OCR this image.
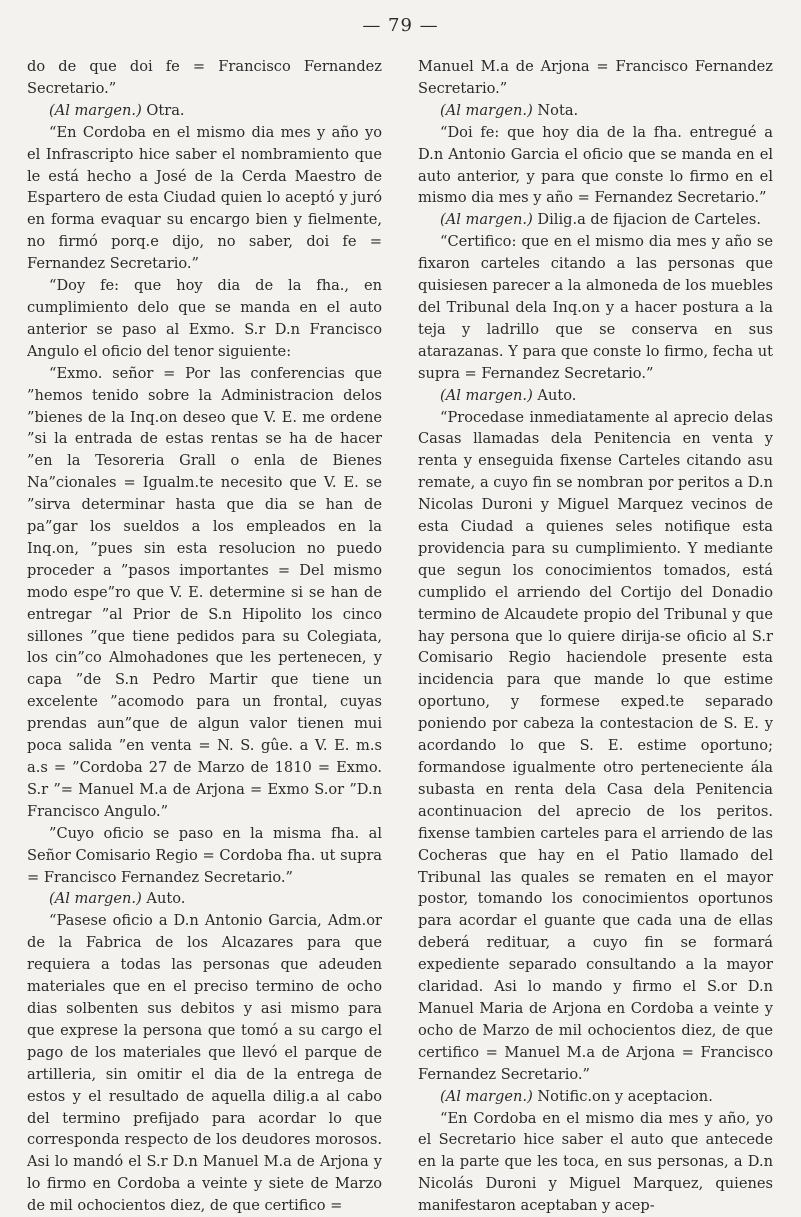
— 79 —

do de que doi fe = Francisco Fernandez Secretario.”

(Al margen.) Otra.

“En Cordoba en el mismo dia mes y año yo el Infrascripto hice saber el nombramiento que le está hecho a José de la Cerda Maestro de Espartero de esta Ciudad quien lo aceptó y juró en forma evaquar su encargo bien y fielmente, no firmó porq.e dijo, no saber, doi fe = Fernandez Secretario.”

“Doy fe: que hoy dia de la fha., en cumplimiento delo que se manda en el auto anterior se paso al Exmo. S.r D.n Francisco Angulo el oficio del tenor siguiente:

“Exmo. señor = Por las conferencias que ”hemos tenido sobre la Administracion delos ”bienes de la Inq.on deseo que V. E. me ordene ”si la entrada de estas rentas se ha de hacer ”en la Tesoreria Grall o enla de Bienes Na”cionales = Igualm.te necesito que V. E. se ”sirva determinar hasta que dia se han de pa”gar los sueldos a los empleados en la Inq.on, ”pues sin esta resolucion no puedo proceder a ”pasos importantes = Del mismo modo espe”ro que V. E. determine si se han de entregar ”al Prior de S.n Hipolito los cinco sillones ”que tiene pedidos para su Colegiata, los cin”co Almohadones que les pertenecen, y capa ”de S.n Pedro Martir que tiene un excelente ”acomodo para un frontal, cuyas prendas aun”que de algun valor tienen mui poca salida ”en venta = N. S. gûe. a V. E. m.s a.s = ”Cordoba 27 de Marzo de 1810 = Exmo. S.r ”= Manuel M.a de Arjona = Exmo S.or ”D.n Francisco Angulo.”

”Cuyo oficio se paso en la misma fha. al Señor Comisario Regio = Cordoba fha. ut supra = Francisco Fernandez Secretario.”

(Al margen.) Auto.

“Pasese oficio a D.n Antonio Garcia, Adm.or de la Fabrica de los Alcazares para que requiera a todas las personas que adeuden materiales que en el preciso termino de ocho dias solbenten sus debitos y asi mismo para que exprese la persona que tomó a su cargo el pago de los materiales que llevó el parque de artilleria, sin omitir el dia de la entrega de estos y el resultado de aquella dilig.a al cabo del termino prefijado para acordar lo que corresponda respecto de los deudores morosos. Asi lo mandó el S.r D.n Manuel M.a de Arjona y lo firmo en Cordoba a veinte y siete de Marzo de mil ochocientos diez, de que certifico =

Manuel M.a de Arjona = Francisco Fernandez Secretario.”

(Al margen.) Nota.

“Doi fe: que hoy dia de la fha. entregué a D.n Antonio Garcia el oficio que se manda en el auto anterior, y para que conste lo firmo en el mismo dia mes y año = Fernandez Secretario.”

(Al margen.) Dilig.a de fijacion de Carteles.

“Certifico: que en el mismo dia mes y año se fixaron carteles citando a las personas que quisiesen parecer a la almoneda de los muebles del Tribunal dela Inq.on y a hacer postura a la teja y ladrillo que se conserva en sus atarazanas. Y para que conste lo firmo, fecha ut supra = Fernandez Secretario.”

(Al margen.) Auto.

“Procedase inmediatamente al aprecio delas Casas llamadas dela Penitencia en venta y renta y enseguida fixense Carteles citando asu remate, a cuyo fin se nombran por peritos a D.n Nicolas Duroni y Miguel Marquez vecinos de esta Ciudad a quienes seles notifique esta providencia para su cumplimiento. Y mediante que segun los conocimientos tomados, está cumplido el arriendo del Cortijo del Donadio termino de Alcaudete propio del Tribunal y que hay persona que lo quiere dirija-se oficio al S.r Comisario Regio haciendole presente esta incidencia para que mande lo que estime oportuno, y formese exped.te separado poniendo por cabeza la contestacion de S. E. y acordando lo que S. E. estime oportuno; formandose igualmente otro perteneciente ála subasta en renta dela Casa dela Penitencia acontinuacion del aprecio de los peritos. fixense tambien carteles para el arriendo de las Cocheras que hay en el Patio llamado del Tribunal las quales se rematen en el mayor postor, tomando los conocimientos oportunos para acordar el guante que cada una de ellas deberá redituar, a cuyo fin se formará expediente separado consultando a la mayor claridad. Asi lo mando y firmo el S.or D.n Manuel Maria de Arjona en Cordoba a veinte y ocho de Marzo de mil ochocientos diez, de que certifico = Manuel M.a de Arjona = Francisco Fernandez Secretario.”

(Al margen.) Notific.on y aceptacion.

“En Cordoba en el mismo dia mes y año, yo el Secretario hice saber el auto que antecede en la parte que les toca, en sus personas, a D.n Nicolás Duroni y Miguel Marquez, quienes manifestaron aceptaban y acep-
